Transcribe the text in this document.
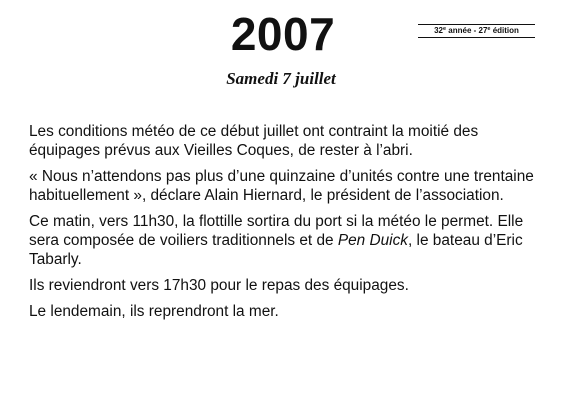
2007	32e année - 27e édition
Samedi 7 juillet

Les conditions météo de ce début juillet ont contraint la moitié des équipages prévus aux Vieilles Coques, de rester à l’abri.

« Nous n’attendons pas plus d’une quinzaine d’unités contre une trentaine habituellement », déclare Alain Hiernard, le président de l’association.

Ce matin, vers 11h30, la flottille sortira du port si la météo le permet. Elle sera composée de voiliers traditionnels et de Pen Duick, le bateau d’Eric Tabarly.

Ils reviendront vers 17h30 pour le repas des équipages.

Le lendemain, ils reprendront la mer.
